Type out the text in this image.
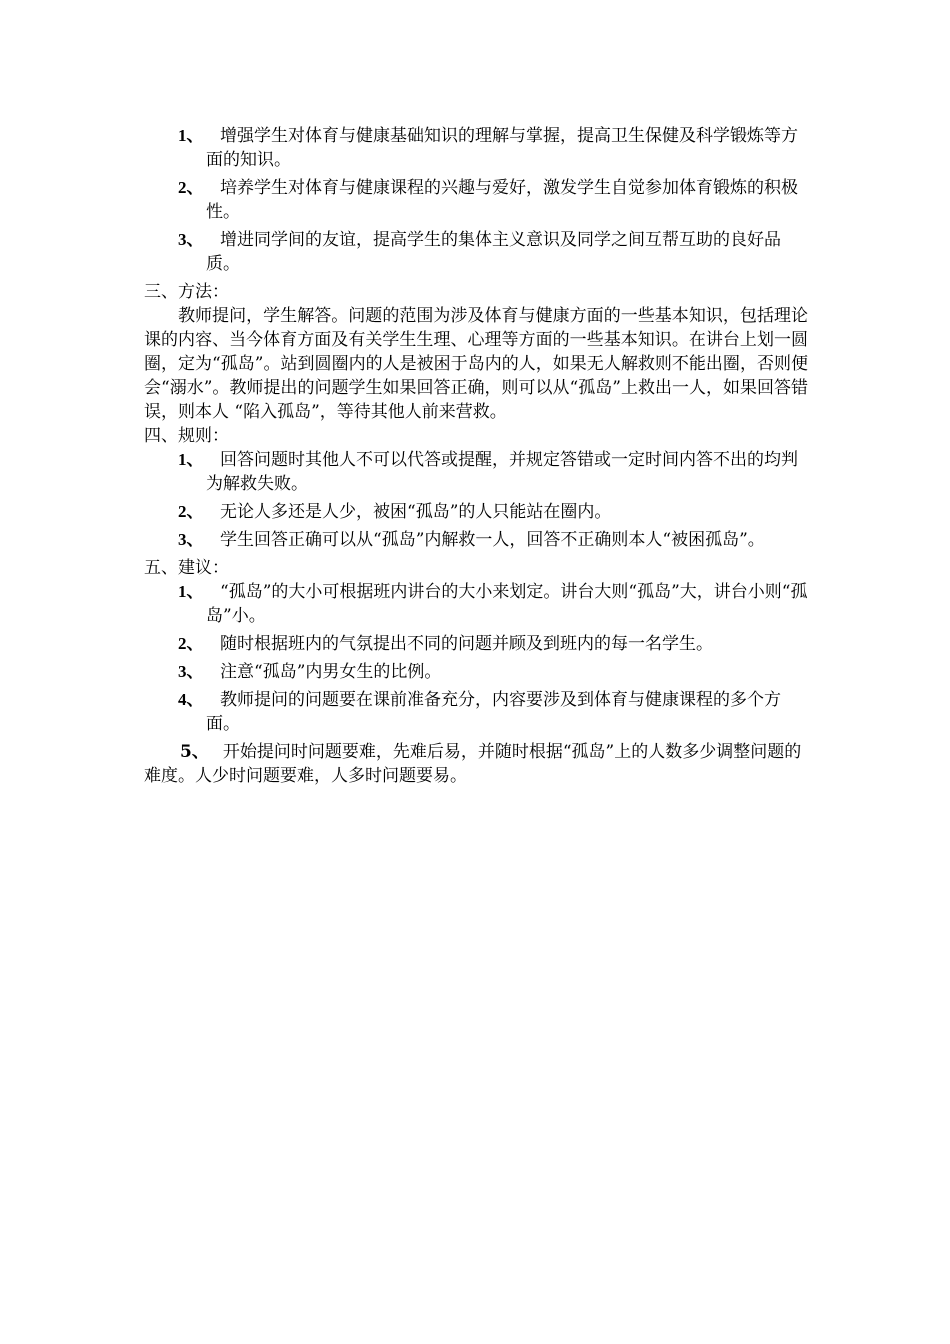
1、 增强学生对体育与健康基础知识的理解与掌握，提高卫生保健及科学锻炼等方面的知识。
2、 培养学生对体育与健康课程的兴趣与爱好，激发学生自觉参加体育锻炼的积极性。
3、 增进同学间的友谊，提高学生的集体主义意识及同学之间互帮互助的良好品质。

三、方法：

教师提问，学生解答。问题的范围为涉及体育与健康方面的一些基本知识，包括理论课的内容、当今体育方面及有关学生生理、心理等方面的一些基本知识。在讲台上划一圆圈，定为“孤岛”。站到圆圈内的人是被困于岛内的人，如果无人解救则不能出圈，否则便会“溺水”。教师提出的问题学生如果回答正确，则可以从“孤岛”上救出一人，如果回答错误，则本人 “陷入孤岛”，等待其他人前来营救。

四、规则：

1、 回答问题时其他人不可以代答或提醒，并规定答错或一定时间内答不出的均判为解救失败。
2、 无论人多还是人少，被困“孤岛”的人只能站在圈内。
3、 学生回答正确可以从“孤岛”内解救一人，回答不正确则本人“被困孤岛”。

五、建议：

1、 “孤岛”的大小可根据班内讲台的大小来划定。讲台大则“孤岛”大，讲台小则“孤岛”小。
2、 随时根据班内的气氛提出不同的问题并顾及到班内的每一名学生。
3、 注意“孤岛”内男女生的比例。
4、 教师提问的问题要在课前准备充分，内容要涉及到体育与健康课程的多个方面。

5、 开始提问时问题要难，先难后易，并随时根据“孤岛”上的人数多少调整问题的难度。人少时问题要难，人多时问题要易。
